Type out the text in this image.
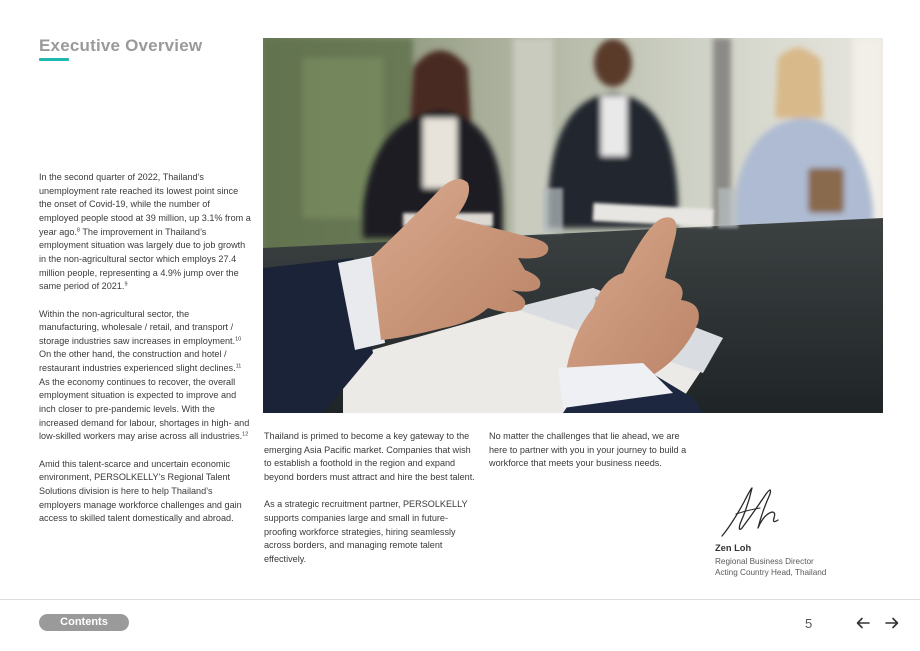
Executive Overview

In the second quarter of 2022, Thailand’s unemployment rate reached its lowest point since the onset of Covid-19, while the number of employed people stood at 39 million, up 3.1% from a year ago.$^8$ The improvement in Thailand’s employment situation was largely due to job growth in the non-agricultural sector which employs 27.4 million people, representing a 4.9% jump over the same period of 2021.$^9$

Within the non-agricultural sector, the manufacturing, wholesale / retail, and transport / storage industries saw increases in employment.$^{10}$ On the other hand, the construction and hotel / restaurant industries experienced slight declines.$^{11}$
As the economy continues to recover, the overall employment situation is expected to improve and inch closer to pre-pandemic levels. With the increased demand for labour, shortages in high- and low-skilled workers may arise across all industries.$^{12}$

Amid this talent-scarce and uncertain economic environment, PERSOLKELLY’s Regional Talent Solutions division is here to help Thailand’s employers manage workforce challenges and gain access to skilled talent domestically and abroad.

Thailand is primed to become a key gateway to the emerging Asia Pacific market. Companies that wish to establish a foothold in the region and expand beyond borders must attract and hire the best talent.

As a strategic recruitment partner, PERSOLKELLY supports companies large and small in future-proofing workforce strategies, hiring seamlessly across borders, and managing remote talent effectively.

No matter the challenges that lie ahead, we are here to partner with you in your journey to build a workforce that meets your business needs.

Zen Loh
Regional Business Director
Acting Country Head, Thailand
Contents	5
